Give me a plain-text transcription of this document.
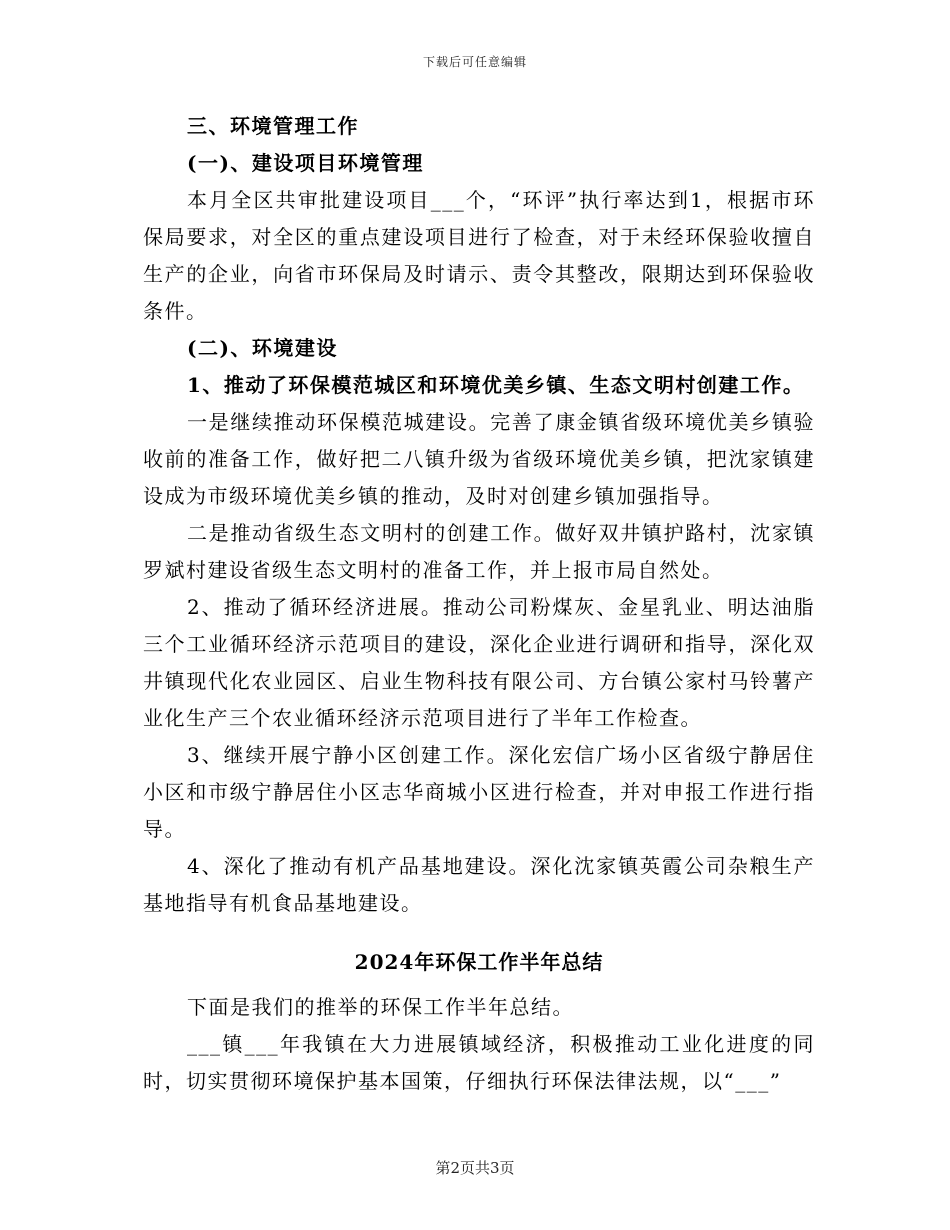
下载后可任意编辑

三、环境管理工作

(一)、建设项目环境管理

本月全区共审批建设项目___个，“环评”执行率达到1，根据市环保局要求，对全区的重点建设项目进行了检查，对于未经环保验收擅自生产的企业，向省市环保局及时请示、责令其整改，限期达到环保验收条件。

(二)、环境建设

1、推动了环保模范城区和环境优美乡镇、生态文明村创建工作。

一是继续推动环保模范城建设。完善了康金镇省级环境优美乡镇验收前的准备工作，做好把二八镇升级为省级环境优美乡镇，把沈家镇建设成为市级环境优美乡镇的推动，及时对创建乡镇加强指导。

二是推动省级生态文明村的创建工作。做好双井镇护路村，沈家镇罗斌村建设省级生态文明村的准备工作，并上报市局自然处。

2、推动了循环经济进展。推动公司粉煤灰、金星乳业、明达油脂三个工业循环经济示范项目的建设，深化企业进行调研和指导，深化双井镇现代化农业园区、启业生物科技有限公司、方台镇公家村马铃薯产业化生产三个农业循环经济示范项目进行了半年工作检查。

3、继续开展宁静小区创建工作。深化宏信广场小区省级宁静居住小区和市级宁静居住小区志华商城小区进行检查，并对申报工作进行指导。

4、深化了推动有机产品基地建设。深化沈家镇英霞公司杂粮生产基地指导有机食品基地建设。

2024年环保工作半年总结

下面是我们的推举的环保工作半年总结。

___镇___年我镇在大力进展镇域经济，积极推动工业化进度的同时，切实贯彻环境保护基本国策，仔细执行环保法律法规，以“___”

第2页共3页
